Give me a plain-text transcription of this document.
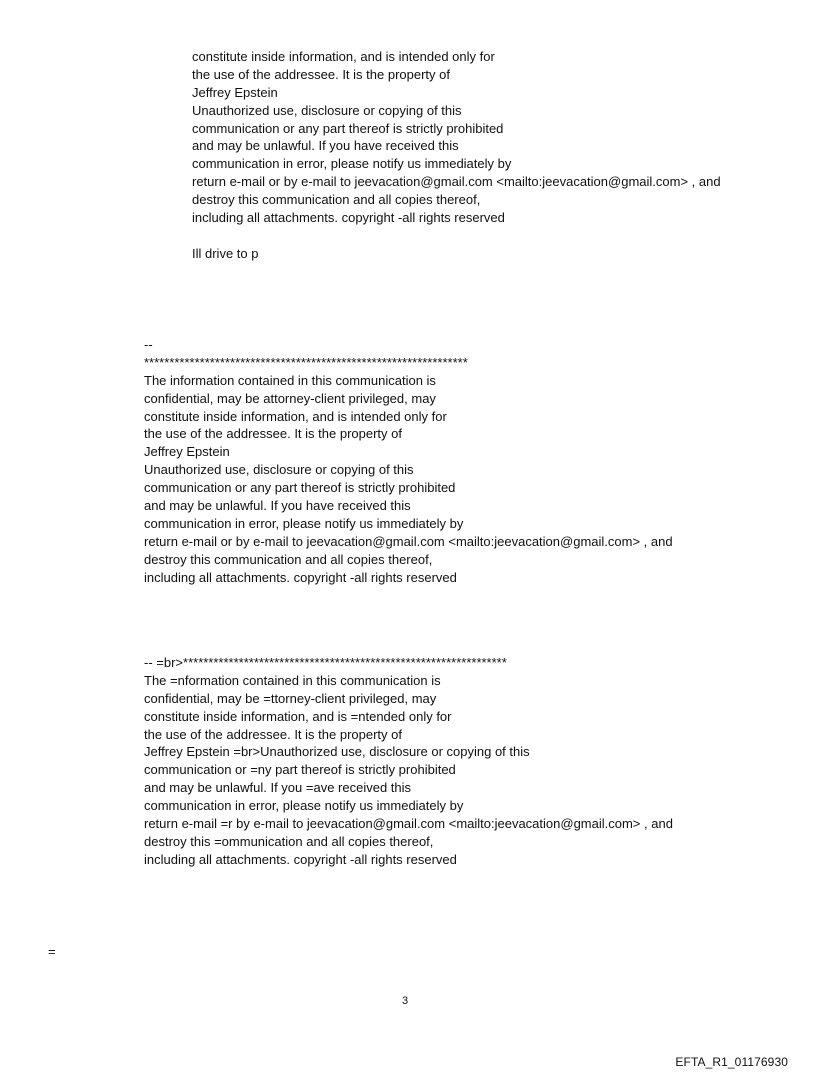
constitute inside information, and is intended only for
the use of the addressee. It is the property of
Jeffrey Epstein
Unauthorized use, disclosure or copying of this
communication or any part thereof is strictly prohibited
and may be unlawful. If you have received this
communication in error, please notify us immediately by
return e-mail or by e-mail to jeevacation@gmail.com <mailto:jeevacation@gmail.com> , and
destroy this communication and all copies thereof,
including all attachments. copyright -all rights reserved
Ill drive to p
--
****************************************************************
The information contained in this communication is
confidential, may be attorney-client privileged, may
constitute inside information, and is intended only for
the use of the addressee. It is the property of
Jeffrey Epstein
Unauthorized use, disclosure or copying of this
communication or any part thereof is strictly prohibited
and may be unlawful. If you have received this
communication in error, please notify us immediately by
return e-mail or by e-mail to jeevacation@gmail.com <mailto:jeevacation@gmail.com> , and
destroy this communication and all copies thereof,
including all attachments. copyright -all rights reserved
-- =br>****************************************************************
The =nformation contained in this communication is
confidential, may be =ttorney-client privileged, may
constitute inside information, and is =ntended only for
the use of the addressee. It is the property of
Jeffrey Epstein =br>Unauthorized use, disclosure or copying of this
communication or =ny part thereof is strictly prohibited
and may be unlawful. If you =ave received this
communication in error, please notify us immediately by
return e-mail =r by e-mail to jeevacation@gmail.com <mailto:jeevacation@gmail.com> , and
destroy this =ommunication and all copies thereof,
including all attachments. copyright -all rights reserved
=
3
EFTA_R1_01176930
